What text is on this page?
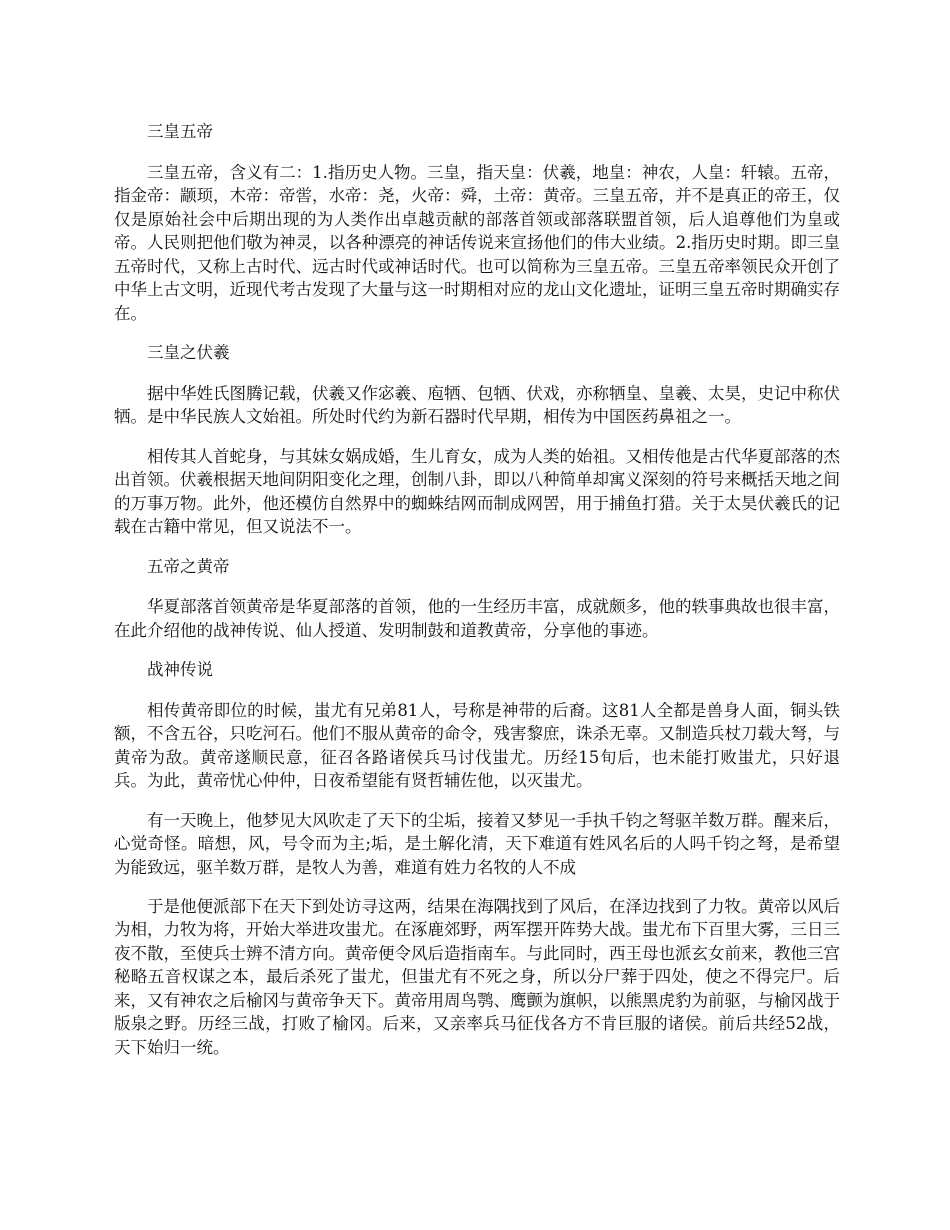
三皇五帝

三皇五帝，含义有二：1.指历史人物。三皇，指天皇：伏羲，地皇：神农，人皇：轩辕。五帝，指金帝：颛顼，木帝：帝喾，水帝：尧，火帝：舜，土帝：黄帝。三皇五帝，并不是真正的帝王，仅仅是原始社会中后期出现的为人类作出卓越贡献的部落首领或部落联盟首领，后人追尊他们为皇或帝。人民则把他们敬为神灵，以各种漂亮的神话传说来宣扬他们的伟大业绩。2.指历史时期。即三皇五帝时代，又称上古时代、远古时代或神话时代。也可以简称为三皇五帝。三皇五帝率领民众开创了中华上古文明，近现代考古发现了大量与这一时期相对应的龙山文化遗址，证明三皇五帝时期确实存在。

三皇之伏羲

据中华姓氏图腾记载，伏羲又作宓羲、庖牺、包牺、伏戏，亦称牺皇、皇羲、太昊，史记中称伏牺。是中华民族人文始祖。所处时代约为新石器时代早期，相传为中国医药鼻祖之一。

相传其人首蛇身，与其妹女娲成婚，生儿育女，成为人类的始祖。又相传他是古代华夏部落的杰出首领。伏羲根据天地间阴阳变化之理，创制八卦，即以八种简单却寓义深刻的符号来概括天地之间的万事万物。此外，他还模仿自然界中的蜘蛛结网而制成网罟，用于捕鱼打猎。关于太昊伏羲氏的记载在古籍中常见，但又说法不一。

五帝之黄帝

华夏部落首领黄帝是华夏部落的首领，他的一生经历丰富，成就颇多，他的轶事典故也很丰富，在此介绍他的战神传说、仙人授道、发明制鼓和道教黄帝，分享他的事迹。

战神传说

相传黄帝即位的时候，蚩尤有兄弟81人，号称是神带的后裔。这81人全都是兽身人面，铜头铁额，不含五谷，只吃河石。他们不服从黄帝的命令，残害黎庶，诛杀无辜。又制造兵杖刀载大弩，与黄帝为敌。黄帝遂顺民意，征召各路诸侯兵马讨伐蚩尤。历经15旬后，也未能打败蚩尤，只好退兵。为此，黄帝忧心仲仲，日夜希望能有贤哲辅佐他，以灭蚩尤。

有一天晚上，他梦见大风吹走了天下的尘垢，接着又梦见一手执千钧之弩驱羊数万群。醒来后，心觉奇怪。暗想，风，号令而为主;垢，是土解化清，天下难道有姓风名后的人吗千钧之弩，是希望为能致远，驱羊数万群，是牧人为善，难道有姓力名牧的人不成

于是他便派部下在天下到处访寻这两，结果在海隅找到了风后，在泽边找到了力牧。黄帝以风后为相，力牧为将，开始大举进攻蚩尤。在涿鹿郊野，两军摆开阵势大战。蚩尤布下百里大雾，三日三夜不散，至使兵士辨不清方向。黄帝便令风后造指南车。与此同时，西王母也派玄女前来，教他三宫秘略五音权谋之本，最后杀死了蚩尤，但蚩尤有不死之身，所以分尸葬于四处，使之不得完尸。后来，又有神农之后榆冈与黄帝争天下。黄帝用周鸟鹗、鹰颤为旗帜，以熊黑虎豹为前驱，与榆冈战于版泉之野。历经三战，打败了榆冈。后来，又亲率兵马征伐各方不肯巨服的诸侯。前后共经52战，天下始归一统。
